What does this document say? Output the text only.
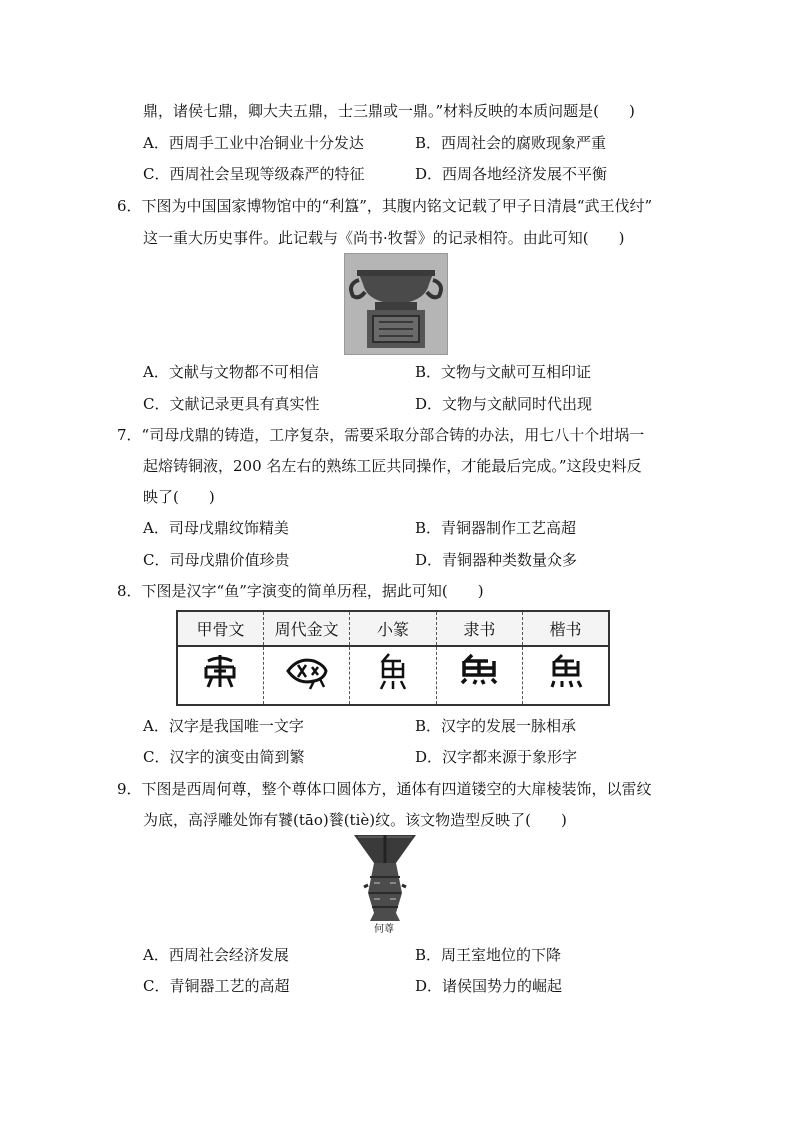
鼎，诸侯七鼎，卿大夫五鼎，士三鼎或一鼎。”材料反映的本质问题是(　　)
A．西周手工业中冶铜业十分发达	B．西周社会的腐败现象严重
C．西周社会呈现等级森严的特征	D．西周各地经济发展不平衡
6．下图为中国国家博物馆中的“利簋”，其腹内铭文记载了甲子日清晨“武王伐纣”
这一重大历史事件。此记载与《尚书·牧誓》的记录相符。由此可知(　　)
A．文献与文物都不可相信	B．文物与文献可互相印证
C．文献记录更具有真实性	D．文物与文献同时代出现
7．“司母戊鼎的铸造，工序复杂，需要采取分部合铸的办法，用七八十个坩埚一
起熔铸铜液，200 名左右的熟练工匠共同操作，才能最后完成。”这段史料反
映了(　　)
A．司母戊鼎纹饰精美	B．青铜器制作工艺高超
C．司母戊鼎价值珍贵	D．青铜器种类数量众多
8．下图是汉字“鱼”字演变的简单历程，据此可知(　　)
甲骨文	周代金文	小篆	隶书	楷书

A．汉字是我国唯一文字	B．汉字的发展一脉相承
C．汉字的演变由简到繁	D．汉字都来源于象形字
9．下图是西周何尊，整个尊体口圆体方，通体有四道镂空的大扉棱装饰，以雷纹
为底，高浮雕处饰有饕(tāo)餮(tiè)纹。该文物造型反映了(　　)
何尊
A．西周社会经济发展	B．周王室地位的下降
C．青铜器工艺的高超	D．诸侯国势力的崛起
